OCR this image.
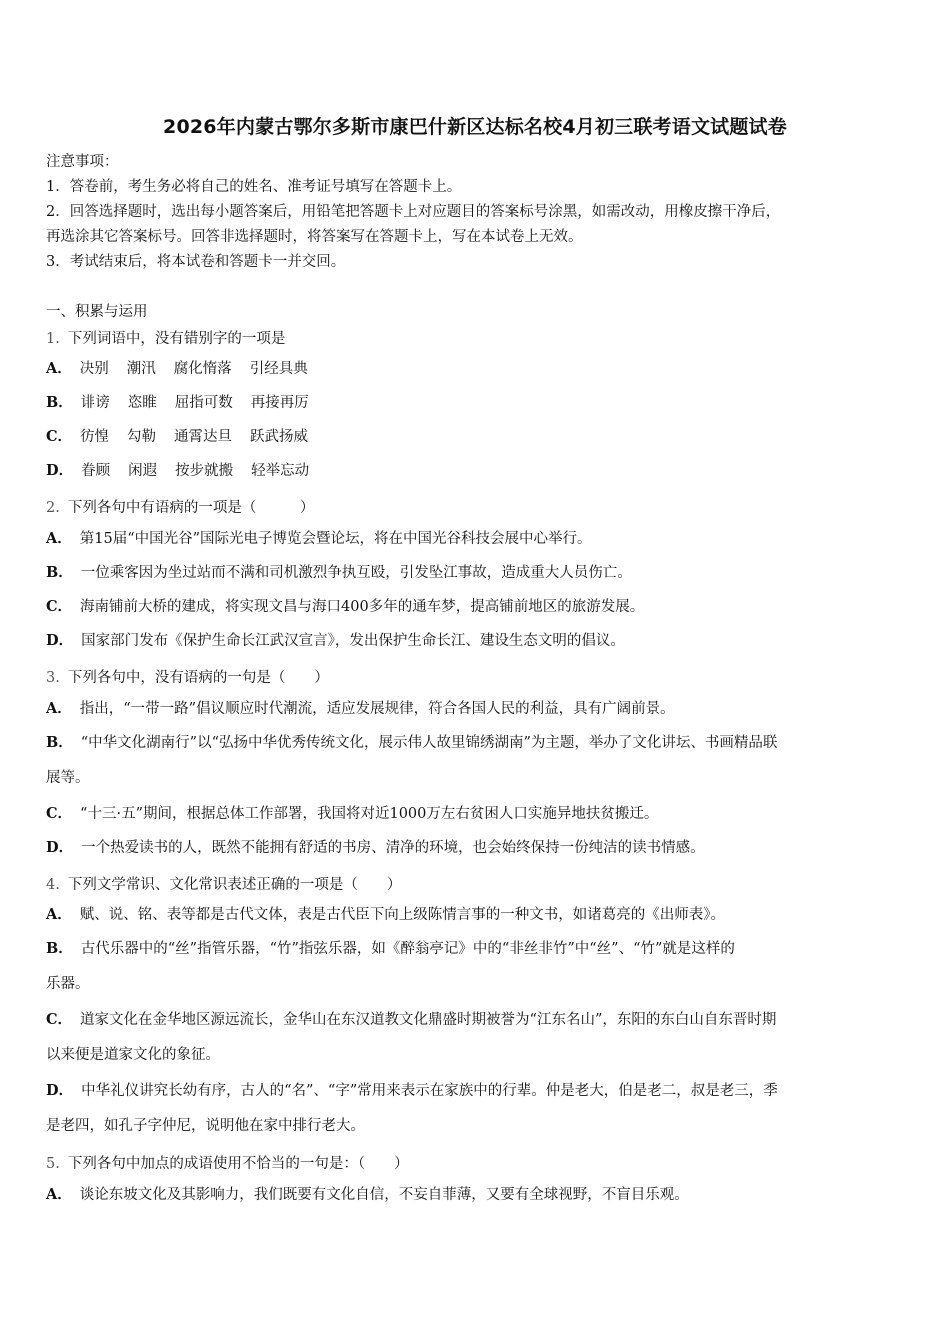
2026年内蒙古鄂尔多斯市康巴什新区达标名校4月初三联考语文试题试卷
注意事项：
1．答卷前，考生务必将自己的姓名、准考证号填写在答题卡上。
2．回答选择题时，选出每小题答案后，用铅笔把答题卡上对应题目的答案标号涂黑，如需改动，用橡皮擦干净后，
再选涂其它答案标号。回答非选择题时，将答案写在答题卡上，写在本试卷上无效。
3．考试结束后，将本试卷和答题卡一并交回。
一、积累与运用
1. 下列词语中，没有错别字的一项是
A． 决别 潮汛 腐化惰落 引经具典
B． 诽谤 恣睢 屈指可数 再接再厉
C． 彷惶 勾勒 通霄达旦 跃武扬威
D． 眷顾 闲遐 按步就搬 轻举忘动
2. 下列各句中有语病的一项是（　　　）
A． 第15届“中国光谷”国际光电子博览会暨论坛，将在中国光谷科技会展中心举行。
B． 一位乘客因为坐过站而不满和司机激烈争执互殴，引发坠江事故，造成重大人员伤亡。
C． 海南铺前大桥的建成，将实现文昌与海口400多年的通车梦，提高铺前地区的旅游发展。
D． 国家部门发布《保护生命长江武汉宣言》，发出保护生命长江、建设生态文明的倡议。
3. 下列各句中，没有语病的一句是（　　）
A． 指出，“一带一路”倡议顺应时代潮流，适应发展规律，符合各国人民的利益，具有广阔前景。
B． “中华文化湖南行”以“弘扬中华优秀传统文化，展示伟人故里锦绣湖南”为主题，举办了文化讲坛、书画精品联
展等。
C． “十三·五”期间，根据总体工作部署，我国将对近1000万左右贫困人口实施异地扶贫搬迁。
D． 一个热爱读书的人，既然不能拥有舒适的书房、清净的环境，也会始终保持一份纯洁的读书情感。
4. 下列文学常识、文化常识表述正确的一项是（　　）
A． 赋、说、铭、表等都是古代文体，表是古代臣下向上级陈情言事的一种文书，如诸葛亮的《出师表》。
B． 古代乐器中的“丝”指管乐器，“竹”指弦乐器，如《醉翁亭记》中的“非丝非竹”中“丝”、“竹”就是这样的
乐器。
C． 道家文化在金华地区源远流长，金华山在东汉道教文化鼎盛时期被誉为“江东名山”，东阳的东白山自东晋时期
以来便是道家文化的象征。
D． 中华礼仪讲究长幼有序，古人的“名”、“字”常用来表示在家族中的行辈。仲是老大，伯是老二，叔是老三，季
是老四，如孔子字仲尼，说明他在家中排行老大。
5. 下列各句中加点的成语使用不恰当的一句是：（　　）
A． 谈论东坡文化及其影响力，我们既要有文化自信，不妄自菲薄，又要有全球视野，不盲目乐观。
